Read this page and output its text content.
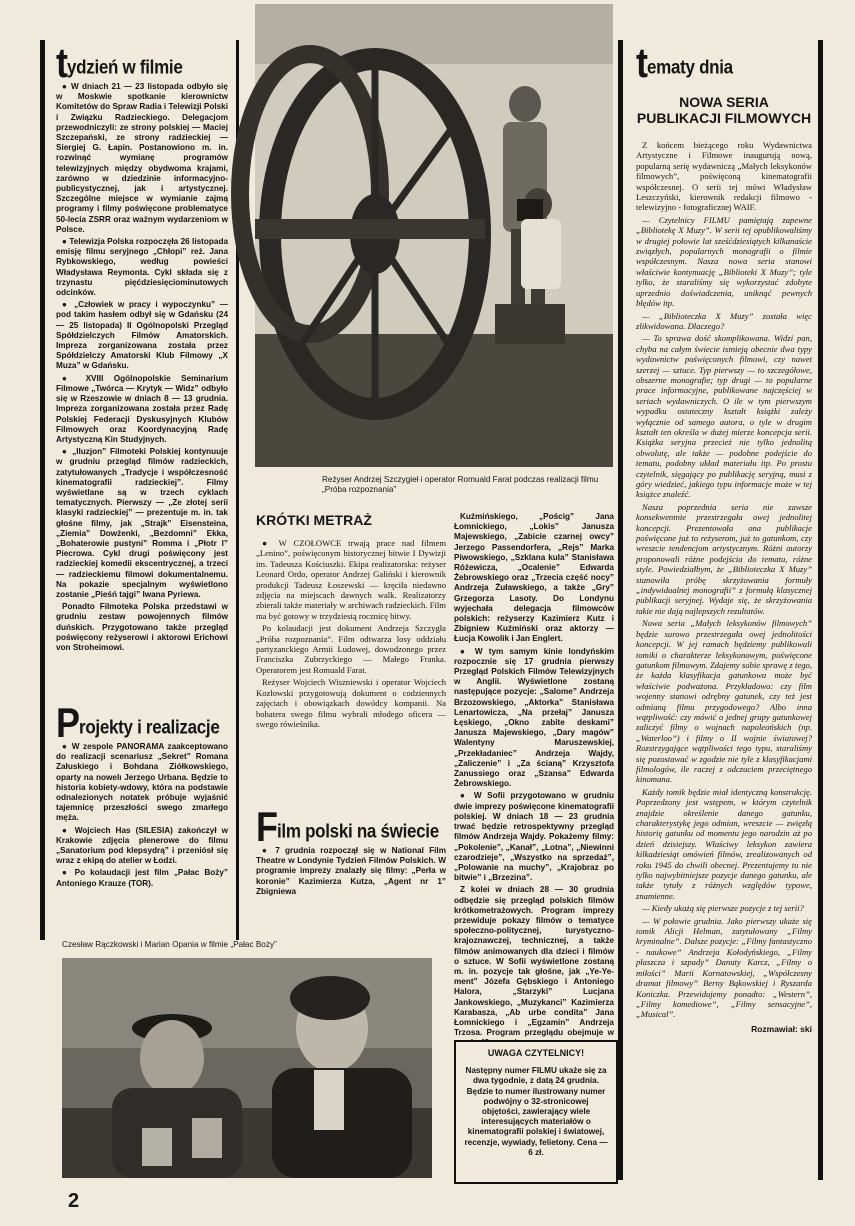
tydzień w filmie

● W dniach 21 — 23 listopada odbyło się w Moskwie spotkanie kierownictw Komitetów do Spraw Radia i Telewizji Polski i Związku Radzieckiego. Delegacjom przewodniczyli: ze strony polskiej — Maciej Szczepański, ze strony radzieckiej — Siergiej G. Łapin. Postanowiono m. in. rozwinąć wymianę programów telewizyjnych między obydwoma krajami, zarówno w dziedzinie informacyjno-publicystycznej, jak i artystycznej. Szczególne miejsce w wymianie zajmą programy i filmy poświęcone problematyce 50-lecia ZSRR oraz ważnym wydarzeniom w Polsce.

● Telewizja Polska rozpoczęła 26 listopada emisję filmu seryjnego „Chłopi” reż. Jana Rybkowskiego, według powieści Władysława Reymonta. Cykl składa się z trzynastu pięćdziesięciominutowych odcinków.

● „Człowiek w pracy i wypoczynku” — pod takim hasłem odbył się w Gdańsku (24 — 25 listopada) II Ogólnopolski Przegląd Spółdzielczych Filmów Amatorskich. Impreza zorganizowana została przez Spółdzielczy Amatorski Klub Filmowy „X Muza” w Gdańsku.

● XVIII Ogólnopolskie Seminarium Filmowe „Twórca — Krytyk — Widz” odbyło się w Rzeszowie w dniach 8 — 13 grudnia. Impreza zorganizowana została przez Radę Polskiej Federacji Dyskusyjnych Klubów Filmowych oraz Koordynacyjną Radę Artystyczną Kin Studyjnych.

● „Iluzjon” Filmoteki Polskiej kontynuuje w grudniu przegląd filmów radzieckich, zatytułowanych „Tradycje i współczesność kinematografii radzieckiej”. Filmy wyświetlane są w trzech cyklach tematycznych. Pierwszy — „Ze złotej serii klasyki radzieckiej” — prezentuje m. in. tak głośne filmy, jak „Strajk” Eisensteina, „Ziemia” Dowżenki, „Bezdomni” Ekka, „Bohaterowie pustyni” Romma i „Płotr I” Piecrowa. Cykl drugi poświęcony jest radzieckiej komedii ekscentrycznej, a trzeci — radzieckiemu filmowi dokumentalnemu. Na pokazie specjalnym wyświetlono zostanie „Pieśń tajgi” Iwana Pyriewa.

Ponadto Filmoteka Polska przedstawi w grudniu zestaw powojennych filmów duńskich. Przygotowano także przegląd poświęcony reżyserowi i aktorowi Erichowi von Stroheimowi.

Projekty i realizacje

● W zespole PANORAMA zaakceptowano do realizacji scenariusz „Sekret” Romana Załuskiego i Bohdana Ziółkowskiego, oparty na nowelı Jerzego Urbana. Będzie to historia kobiety-wdowy, która na podstawie odnalezionych notatek próbuje wyjaśnić tajemnicę przeszłości swego zmarłego męża.

● Wojciech Has (SILESIA) zakończył w Krakowie zdjęcia plenerowe do filmu „Sanatorium pod klepsydrą” i przeniósł się wraz z ekipą do atelier w Łodzi.

● Po kolaudacji jest film „Pałac Boży” Antoniego Krauze (TOR).

Reżyser Andrzej Szczygieł i operator Romuald Farat podczas realizacji filmu „Próba rozpoznania”
KRÓTKI METRAŻ

● W CZOŁOWCE trwają prace nad filmem „Lenino”, poświęconym historycznej bitwie I Dywizji im. Tadeusza Kościuszki. Ekipa realizatorska: reżyser Leonard Ordo, operator Andrzej Galiński i kierownik produkcji Tadeusz Łoszewski — kręciła niedawno zdjęcia na miejscach dawnych walk. Realizatorzy zbierali także materiały w archiwach radzieckich. Film ma być gotowy w trzydziestą rocznicę bitwy.

Po kolaudacji jest dokument Andrzeja Szczygła „Próba rozpoznania”. Film odtwarza losy oddziału partyzanckiego Armii Ludowej, dowodzonego przez Franciszka Zubrzyckiego — Małego Franka. Operatorem jest Romuald Farat.

Reżyser Wojciech Wiszniewski i operator Wojciech Kozłowski przygotowują dokument o codziennych zajęciach i obowiązkach dowódcy kompanii. Na bohatera swego filmu wybrali młodego oficera — swego rówieśnika.

Film polski na świecie

● 7 grudnia rozpoczął się w National Film Theatre w Londynie Tydzień Filmów Polskich. W programie imprezy znalazły się filmy: „Perła w koronie” Kazimierza Kutza, „Agent nr 1” Zbigniewa

Kuźmińskiego, „Pościg” Jana Łomnickiego, „Lokis” Janusza Majewskiego, „Zabicie czarnej owcy” Jerzego Passendorfera, „Rejs” Marka Piwowskiego, „Szklana kula” Stanisława Różewicza, „Ocalenie” Edwarda Żebrowskiego oraz „Trzecia część nocy” Andrzeja Żuławskiego, a także „Gry” Grzegorza Lasoty. Do Londynu wyjechała delegacja filmowców polskich: reżyserzy Kazimierz Kutz i Zbigniew Kuźmiński oraz aktorzy — Łucja Kowolik i Jan Englert.

● W tym samym kinie londyńskim rozpocznie się 17 grudnia pierwszy Przegląd Polskich Filmów Telewizyjnych w Anglii. Wyświetlone zostaną następujące pozycje: „Salome” Andrzeja Brzozowskiego, „Aktorka” Stanisława Lenartowicza, „Na przełaj” Janusza Łęskiego, „Okno zabite deskami” Janusza Majewskiego, „Dary magów” Walentyny Maruszewskiej, „Przekładaniec” Andrzeja Wajdy, „Zaliczenie” i „Za ścianą” Krzysztofa Zanussiego oraz „Szansa” Edwarda Żebrowskiego.

● W Sofii przygotowano w grudniu dwie imprezy poświęcone kinematografii polskiej. W dniach 18 — 23 grudnia trwać będzie retrospektywny przegląd filmów Andrzeja Wajdy. Pokażemy filmy: „Pokolenie”, „Kanał”, „Lotna”, „Niewinni czarodzieje”, „Wszystko na sprzedaż”, „Polowanie na muchy”, „Krajobraz po bitwie” i „Brzezina”.

Z kolei w dniach 28 — 30 grudnia odbędzie się przegląd polskich filmów krótkometrażowych. Program imprezy przewiduje pokazy filmów o tematyce społeczno-politycznej, turystyczno-krajoznawczej, technicznej, a także filmów animowanych dla dzieci i filmów o sztuce. W Sofii wyświetlone zostaną m. in. pozycje tak głośne, jak „Ye-Ye-ment” Józefa Gębskiego i Antoniego Halora, „Starzyki” Lucjana Jankowskiego, „Muzykanci” Kazimierza Karabasza, „Ab urbe condita” Jana Łomnickiego i „Egzamin” Andrzeja Trzosa. Program przeglądu obejmuje w

UWAGA CZYTELNICY!

Następny numer FILMU ukaże się za dwa tygodnie, z datą 24 grudnia. Będzie to numer ilustrowany numer podwójny o 32-stronicowej objętości, zawierający wiele interesujących materiałów o kinematografii polskiej i światowej, recenzje, wywiady, felietony. Cena — 6 zł.

tematy dnia
NOWA SERIA PUBLIKACJI FILMOWYCH

Z końcem bieżącego roku Wydawnictwa Artystyczne i Filmowe inaugurują nową, popularną serię wydawniczą „Małych leksykonów filmowych”, poświęconą kinematografii współczesnej. O serii tej mówi Władysław Leszczyński, kierownik redakcji filmowo - telewizyjno - fotograficznej WAIF.

— Czytelnicy FILMU pamiętają zapewne „Bibliotekę X Muzy”. W serii tej opublikowaliśmy w drugiej połowie lat sześćdziesiątych kilkanaście związłych, popularnych monografii o filmie współczesnym. Nasza nowa seria stanowi właściwie kontynuację „Biblioteki X Muzy”; tyle tylko, że staraliśmy się wykorzystać zdobyte uprzednio doświadczenia, uniknąć pewnych błędów itp.

— „Biblioteczka X Muzy” została więc zlikwidowana. Dlaczego?

— To sprawa dość skomplikowana. Widzi pan, chyba na całym świecie istnieją obecnie dwa typy wydawnictw poświęconych filmowi, czy nawet szerzej — sztuce. Typ pierwszy — to szczegółowe, obszerne monografie; typ drugi — to popularne prace informacyjne, publikowane najczęściej w seriach wydawniczych. O ile w tym pierwszym wypadku ostateczny kształt książki zależy wyłącznie od samego autora, o tyle w drugim kształt ten określa w dużej mierze koncepcja serii. Książka seryjna przecież nie tylko jednolitą obwolutę, ale także — podobne podejście do tematu, podobny układ materiału itp. Po prostu czytelnik, sięgający po publikację seryjną, musi z góry wiedzieć, jakiego typu informacje może w tej książce znaleźć.

Nasza poprzednia seria nie zawsze konsekwentnie przestrzegała owej jednolitej koncepcji. Prezentowała ona publikacje poświęcone już to reżyserom, już to gatunkom, czy wreszcie tendencjom artystycznym. Różni autorzy proponowali różne podejścia do tematu, różne style. Powiedziałbym, że „Biblioteczka X Muzy” stanowiła próbę skrzyżowania formuły „indywidualnej monografii” z formułą klasycznej publikacji seryjnej. Wydaje się, że skrzyżowania takie nie dają najlepszych rezultatów.

Nowa seria „Małych leksykonów filmowych” będzie surowo przestrzegała owej jednolitości koncepcji. W jej ramach będziemy publikowali tomiki o charakterze leksykonowym, poświęcone gatunkom filmowym. Zdajemy sobie sprawę z tego, że każda klasyfikacja gatunkowa może być właściwie podważona. Przykładowo: czy film wojenny stanowi odrębny gatunek, czy też jest odmianą filmu przygodowego? Albo inna wątpliwość: czy mówić o jednej grupy gatunkowej zaliczyć filmy o wojnach napoleońskich (np. „Waterloo”) i filmy o II wojnie światowej? Rozstrzygające wątpliwości tego typu, staraliśmy się pozostawać w zgodzie nie tyle z klasyfikacjami filmologów, ile raczej z odczuciem przeciętnego kinomana.

Każdy tomik będzie miał identyczną konstrukcję. Poprzedzony jest wstępem, w którym czytelnik znajdzie określenie danego gatunku, charakterystykę jego odmian, wreszcie — zwięzłą historię gatunku od momentu jego narodzin aż po dzień dzisiejszy. Właściwy leksykon zawiera kilkadziesiąt omówień filmów, zrealizowanych od roku 1945 do chwili obecnej. Prezentujemy tu nie tylko najwybitniejsze pozycje danego gatunku, ale także tytuły z różnych względów typowe, znamienne.

— Kiedy ukażą się pierwsze pozycje z tej serii?

— W połowie grudnia. Jako pierwszy ukaże się tomik Alicji Helman, zatytułowany „Filmy kryminalne”. Dalsze pozycje: „Filmy fantastyczno - naukowe” Andrzeja Kołodyńskiego, „Filmy płaszcza i szpady” Danuty Karcz, „Filmy o miłości” Marii Kornatowskiej, „Współczesny dramat filmowy” Berny Bąkowskiej i Ryszarda Koniczka. Przewidujemy ponadto: „Western”, „Filmy komediowe”, „Filmy sensacyjne”, „Musical”.

Rozmawiał: ski
Czesław Rączkowski i Marian Opania w filmie „Pałac Boży”
2
